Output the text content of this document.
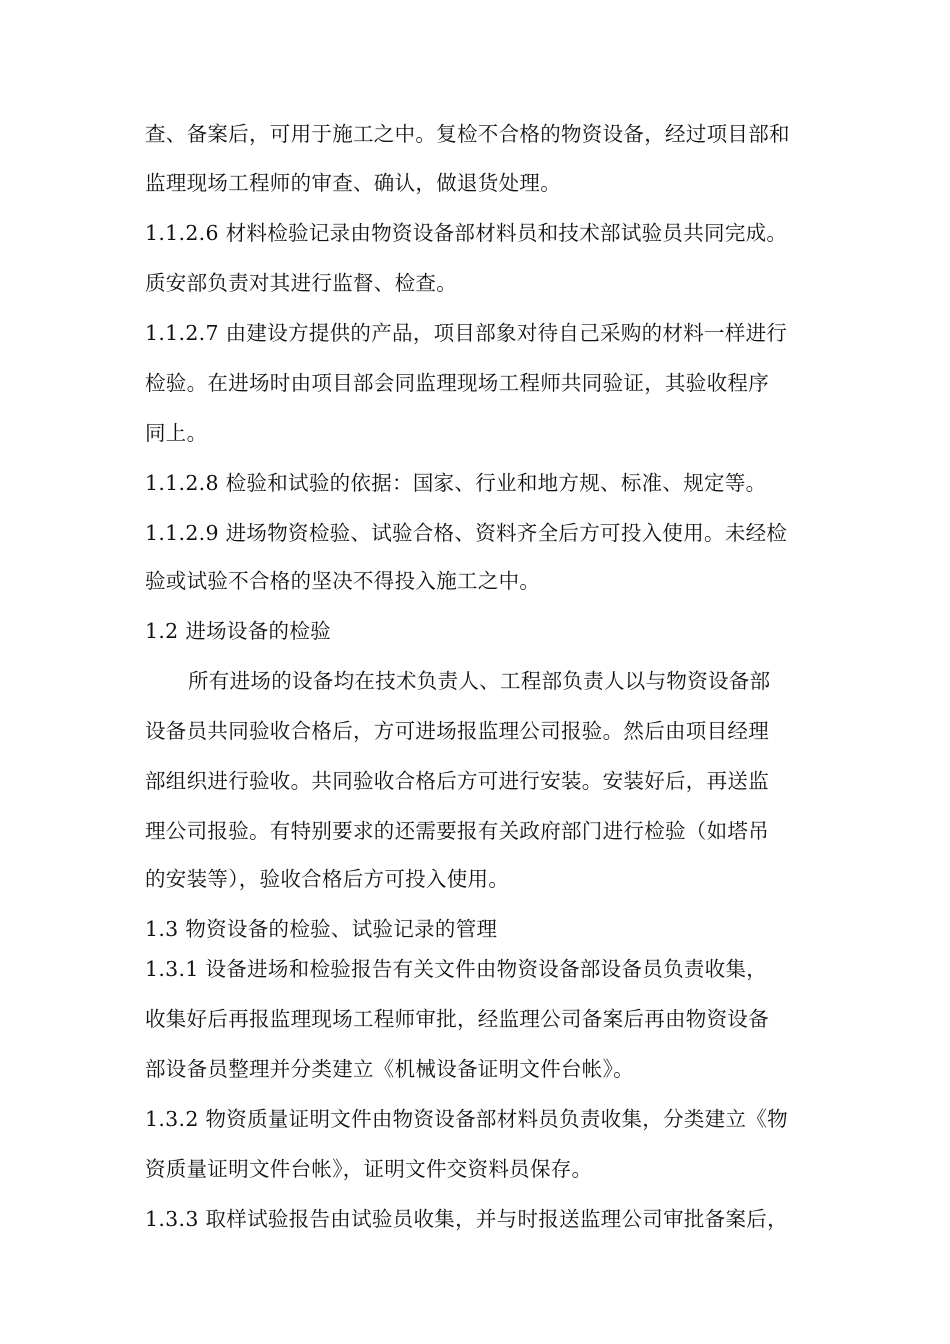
查、备案后，可用于施工之中。复检不合格的物资设备，经过项目部和
监理现场工程师的审查、确认，做退货处理。
1.1.2.6 材料检验记录由物资设备部材料员和技术部试验员共同完成。
质安部负责对其进行监督、检查。
1.1.2.7 由建设方提供的产品，项目部象对待自己采购的材料一样进行
检验。在进场时由项目部会同监理现场工程师共同验证，其验收程序
同上。
1.1.2.8 检验和试验的依据：国家、行业和地方规、标准、规定等。
1.1.2.9 进场物资检验、试验合格、资料齐全后方可投入使用。未经检
验或试验不合格的坚决不得投入施工之中。
1.2 进场设备的检验
所有进场的设备均在技术负责人、工程部负责人以与物资设备部
设备员共同验收合格后，方可进场报监理公司报验。然后由项目经理
部组织进行验收。共同验收合格后方可进行安装。安装好后，再送监
理公司报验。有特别要求的还需要报有关政府部门进行检验（如塔吊
的安装等），验收合格后方可投入使用。
1.3 物资设备的检验、试验记录的管理
1.3.1 设备进场和检验报告有关文件由物资设备部设备员负责收集，
收集好后再报监理现场工程师审批，经监理公司备案后再由物资设备
部设备员整理并分类建立《机械设备证明文件台帐》。
1.3.2 物资质量证明文件由物资设备部材料员负责收集，分类建立《物
资质量证明文件台帐》，证明文件交资料员保存。
1.3.3 取样试验报告由试验员收集，并与时报送监理公司审批备案后，
